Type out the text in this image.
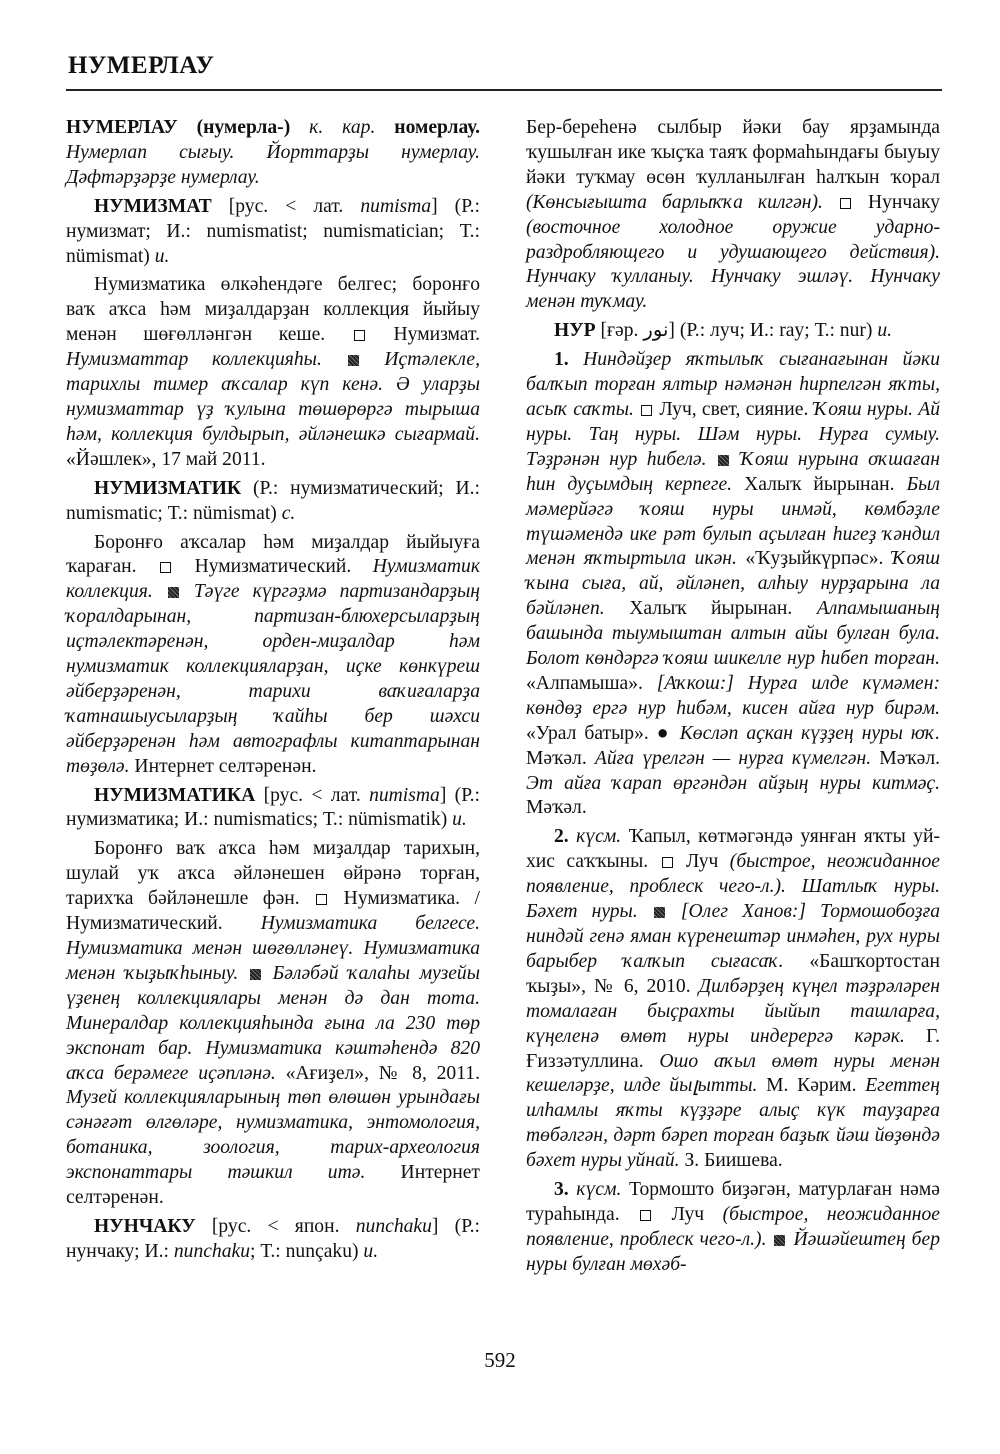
НУМЕРЛАУ

НУМЕРЛАУ (нумерла-) к. кар. номерлау. Нумерлап сығыу. Йорттарҙы нумерлау. Дәфтәрҙәрҙе нумерлау.

НУМИЗМАТ [рус. < лат. numisma] (Р.: нумизмат; И.: numismatist; numismatician; Т.: nümismat) и.

Нумизматика өлкәһендәге белгес; боронғо ваҡ аҡса һәм миҙалдарҙан коллекция йыйыу менән шөғөлләнгән кеше.  Нумизмат. Нумизматтар коллекцияһы.  Иҫтәлекле, тарихлы тимер аҡсалар күп кенә. Ә уларҙы нумизматтар үҙ ҡулына төшөрөргә тырыша һәм, коллекция булдырып, әйләнешкә сығармай. «Йәшлек», 17 май 2011.

НУМИЗМАТИК (Р.: нумизматический; И.: numismatic; Т.: nümismat) с.

Боронғо аҡсалар һәм миҙалдар йыйыуға ҡараған.  Нумизматический. Нумизматик коллекция.  Тәүге күргәҙмә партизандарҙың ҡоралдарынан, партизан-блюхерсыларҙың иҫтәлектәренән, орден-миҙалдар һәм нумизматик коллекцияларҙан, иҫке көнкүреш әйберҙәренән, тарихи ваҡиғаларҙа ҡатнашыусыларҙың ҡайһы бер шәхси әйберҙәренән һәм автографлы китаптарынан төҙөлә. Интернет селтәренән.

НУМИЗМАТИКА [рус. < лат. numisma] (Р.: нумизматика; И.: numismatics; Т.: nümismatik) и.

Боронғо ваҡ аҡса һәм миҙалдар тарихын, шулай уҡ аҡса әйләнешен өйрәнә торған, тарихҡа бәйләнешле фән.  Нумизматика. / Нумизматический. Нумизматика белгесе. Нумизматика менән шөғөлләнеү. Нумизматика менән ҡыҙыҡһыныу.  Бәләбәй ҡалаһы музейы үҙенең коллекциялары менән дә дан тота. Минералдар коллекцияһында ғына ла 230 төр экспонат бар. Нумизматика кәштәһендә 820 аҡса берәмеге иҫәпләнә. «Ағиҙел», № 8, 2011. Музей коллекцияларының төп өлөшөн урындағы сәнәғәт өлгөләре, нумизматика, энтомология, ботаника, зоология, тарих-археология экспонаттары тәшкил итә. Интернет селтәренән.

НУНЧАКУ [рус. < япон. nunchaku] (Р.: нунчаку; И.: nunchaku; Т.: nunçaku) и.

Бер-береһенә сылбыр йәки бау ярҙамында ҡушылған ике ҡыҫҡа таяҡ формаһындағы быуыу йәки туҡмау өсөн ҡулланылған һалҡын ҡорал (Көнсығышта барлыҡҡа килгән).  Нунчаку (восточное холодное оружие ударно-раздробляющего и удушающего действия). Нунчаку ҡулланыу. Нунчаку эшләү. Нунчаку менән туҡмау.

НУР [ғәр. نور] (Р.: луч; И.: ray; Т.: nur) и.

1. Ниндәйҙер яҡтылыҡ сығанағынан йәки балҡып торған ялтыр нәмәнән һирпелгән яҡты, асыҡ саҡты.  Луч, свет, сияние. Ҡояш нуры. Ай нуры. Таң нуры. Шәм нуры. Нурға сумыу. Тәҙрәнән нур һибелә.  Ҡояш нурына оҡшаған һин дуҫымдың керпеге. Халыҡ йырынан. Был мәмерйәгә ҡояш нуры инмәй, көмбәҙле түшәмендә ике рәт булып аҫылған һигеҙ ҡәндил менән яҡтыртыла икән. «Ҡуҙыйкүрпәс». Ҡояш ҡына сыға, ай, әйләнеп, алһыу нурҙарына ла бәйләнеп. Халыҡ йырынан. Алпамышаның башында тыумыштан алтын айы булған була. Болот көндәргә ҡояш шикелле нур һибеп торған. «Алпамыша». [Аҡкош:] Нурға илде күмәмен: көндөҙ ергә нур һибәм, кисен айға нур бирәм. «Урал батыр». ● Көсләп аҫкан күҙҙең нуры юҡ. Мәҡәл. Айға үрелгән — нурға күмелгән. Мәҡәл. Эт айға ҡарап өргәндән айҙың нуры китмәҫ. Мәҡәл.

2. күсм. Ҡапыл, көтмәгәндә уянған яҡты уй-хис саҡҡыны.  Луч (быстрое, неожиданное появление, проблеск чего-л.). Шатлыҡ нуры. Бәхет нуры.  [Олег Ханов:] Тормошобоҙға ниндәй генә яман күренештәр инмәһен, рух нуры барыбер ҡалҡып сығасаҡ. «Башҡортостан ҡыҙы», № 6, 2010. Дилбәрҙең күңел тәҙрәләрен томалаған быҫрахты йыйып ташларға, күңеленә өмөт нуры индерергә кәрәк. Г. Ғиззәтуллина. Ошо аҡыл өмөт нуры менән кешеләрҙе, илде йыլытты. М. Кәрим. Егеттең илһамлы яҡты күҙҙәре алыҫ күк тауҙарға төбәлгән, дәрт бәреп торған баҙыҡ йәш йөҙөндә бәхет нуры уйнай. З. Биишева.

3. күсм. Тормошто биҙәгән, матурлаған нәмә тураһында.  Луч (быстрое, неожиданное появление, проблеск чего-л.).  Йәшәйештең бер нуры булған мөхәб-

592
